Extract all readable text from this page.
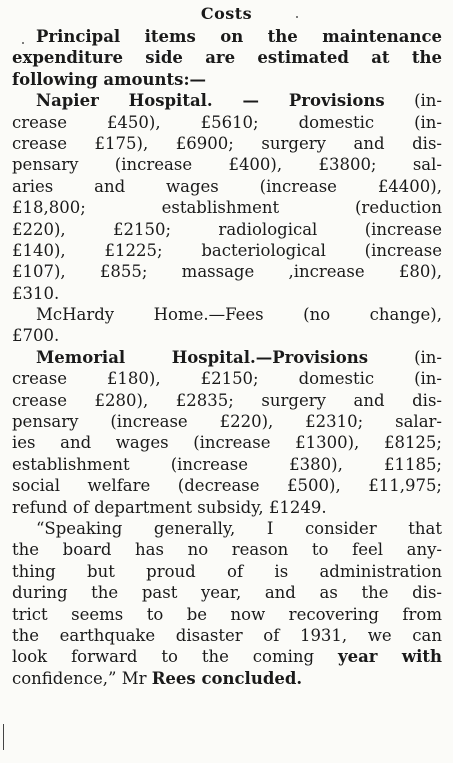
Costs
Principal items on the maintenance
expenditure side are estimated at the
following amounts:—
Napier Hospital. — Provisions (in-
crease £450), £5610; domestic (in-
crease £175), £6900; surgery and dis-
pensary (increase £400), £3800; sal-
aries and wages (increase £4400),
£18,800; establishment (reduction
£220), £2150; radiological (increase
£140), £1225; bacteriological (increase
£107), £855; massage ,increase £80),
£310.
McHardy Home.—Fees (no change),
£700.
Memorial Hospital.—Provisions (in-
crease £180), £2150; domestic (in-
crease £280), £2835; surgery and dis-
pensary (increase £220), £2310; salar-
ies and wages (increase £1300), £8125;
establishment (increase £380), £1185;
social welfare (decrease £500), £11,975;
refund of department subsidy, £1249.
“Speaking generally, I consider that
the board has no reason to feel any-
thing but proud of is administration
during the past year, and as the dis-
trict seems to be now recovering from
the earthquake disaster of 1931, we can
look forward to the coming year with
confidence,” Mr Rees concluded.
